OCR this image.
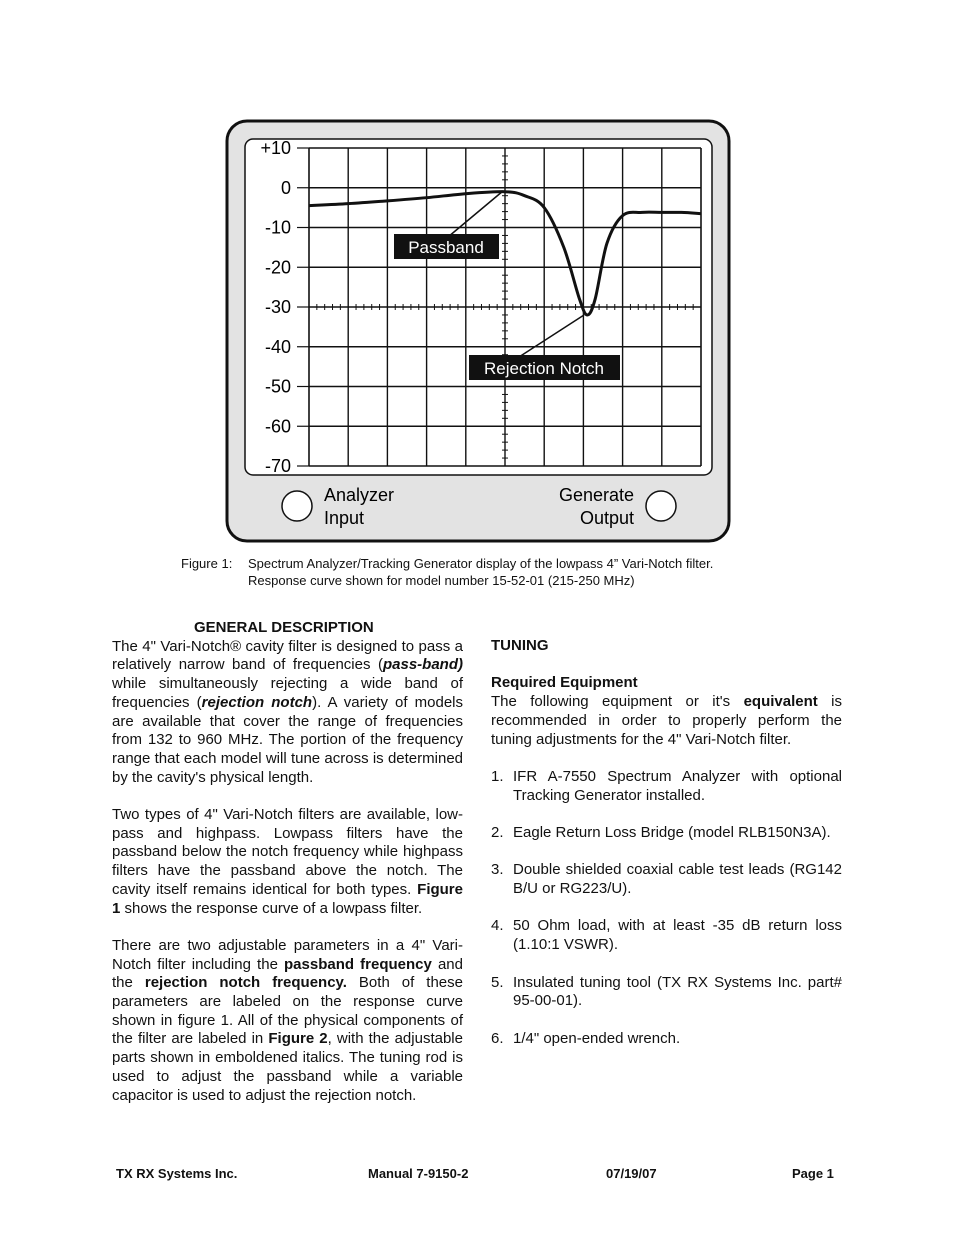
+10
0
-10
-20
-30
-40
-50
-60
-70
Passband
Rejection Notch
Analyzer
Input
Generate
Output
Figure 1: Spectrum Analyzer/Tracking Generator display of the lowpass 4” Vari-Notch filter.
Response curve shown for model number 15-52-01 (215-250 MHz)

GENERAL DESCRIPTION

The 4" Vari-Notch® cavity filter is designed to pass a relatively narrow band of frequencies (pass-band) while simultaneously rejecting a wide band of frequencies (rejection notch). A variety of models are available that cover the range of frequencies from 132 to 960 MHz. The portion of the frequency range that each model will tune across is determined by the cavity's physical length.

Two types of 4" Vari-Notch filters are available, low-pass and highpass. Lowpass filters have the passband below the notch frequency while highpass filters have the passband above the notch. The cavity itself remains identical for both types. Figure 1 shows the response curve of a lowpass filter.

There are two adjustable parameters in a 4" Vari-Notch filter including the passband frequency and the rejection notch frequency. Both of these parameters are labeled on the response curve shown in figure 1. All of the physical components of the filter are labeled in Figure 2, with the adjustable parts shown in emboldened italics. The tuning rod is used to adjust the passband while a variable capacitor is used to adjust the rejection notch.

TUNING

Required Equipment

The following equipment or it's equivalent is recommended in order to properly perform the tuning adjustments for the 4" Vari-Notch filter.

1. IFR A-7550 Spectrum Analyzer with optional Tracking Generator installed.
2. Eagle Return Loss Bridge (model RLB150N3A).
3. Double shielded coaxial cable test leads (RG142 B/U or RG223/U).
4. 50 Ohm load, with at least -35 dB return loss (1.10:1 VSWR).
5. Insulated tuning tool (TX RX Systems Inc. part# 95-00-01).
6. 1/4" open-ended wrench.
TX RX Systems Inc.	Manual 7-9150-2	07/19/07	Page 1
